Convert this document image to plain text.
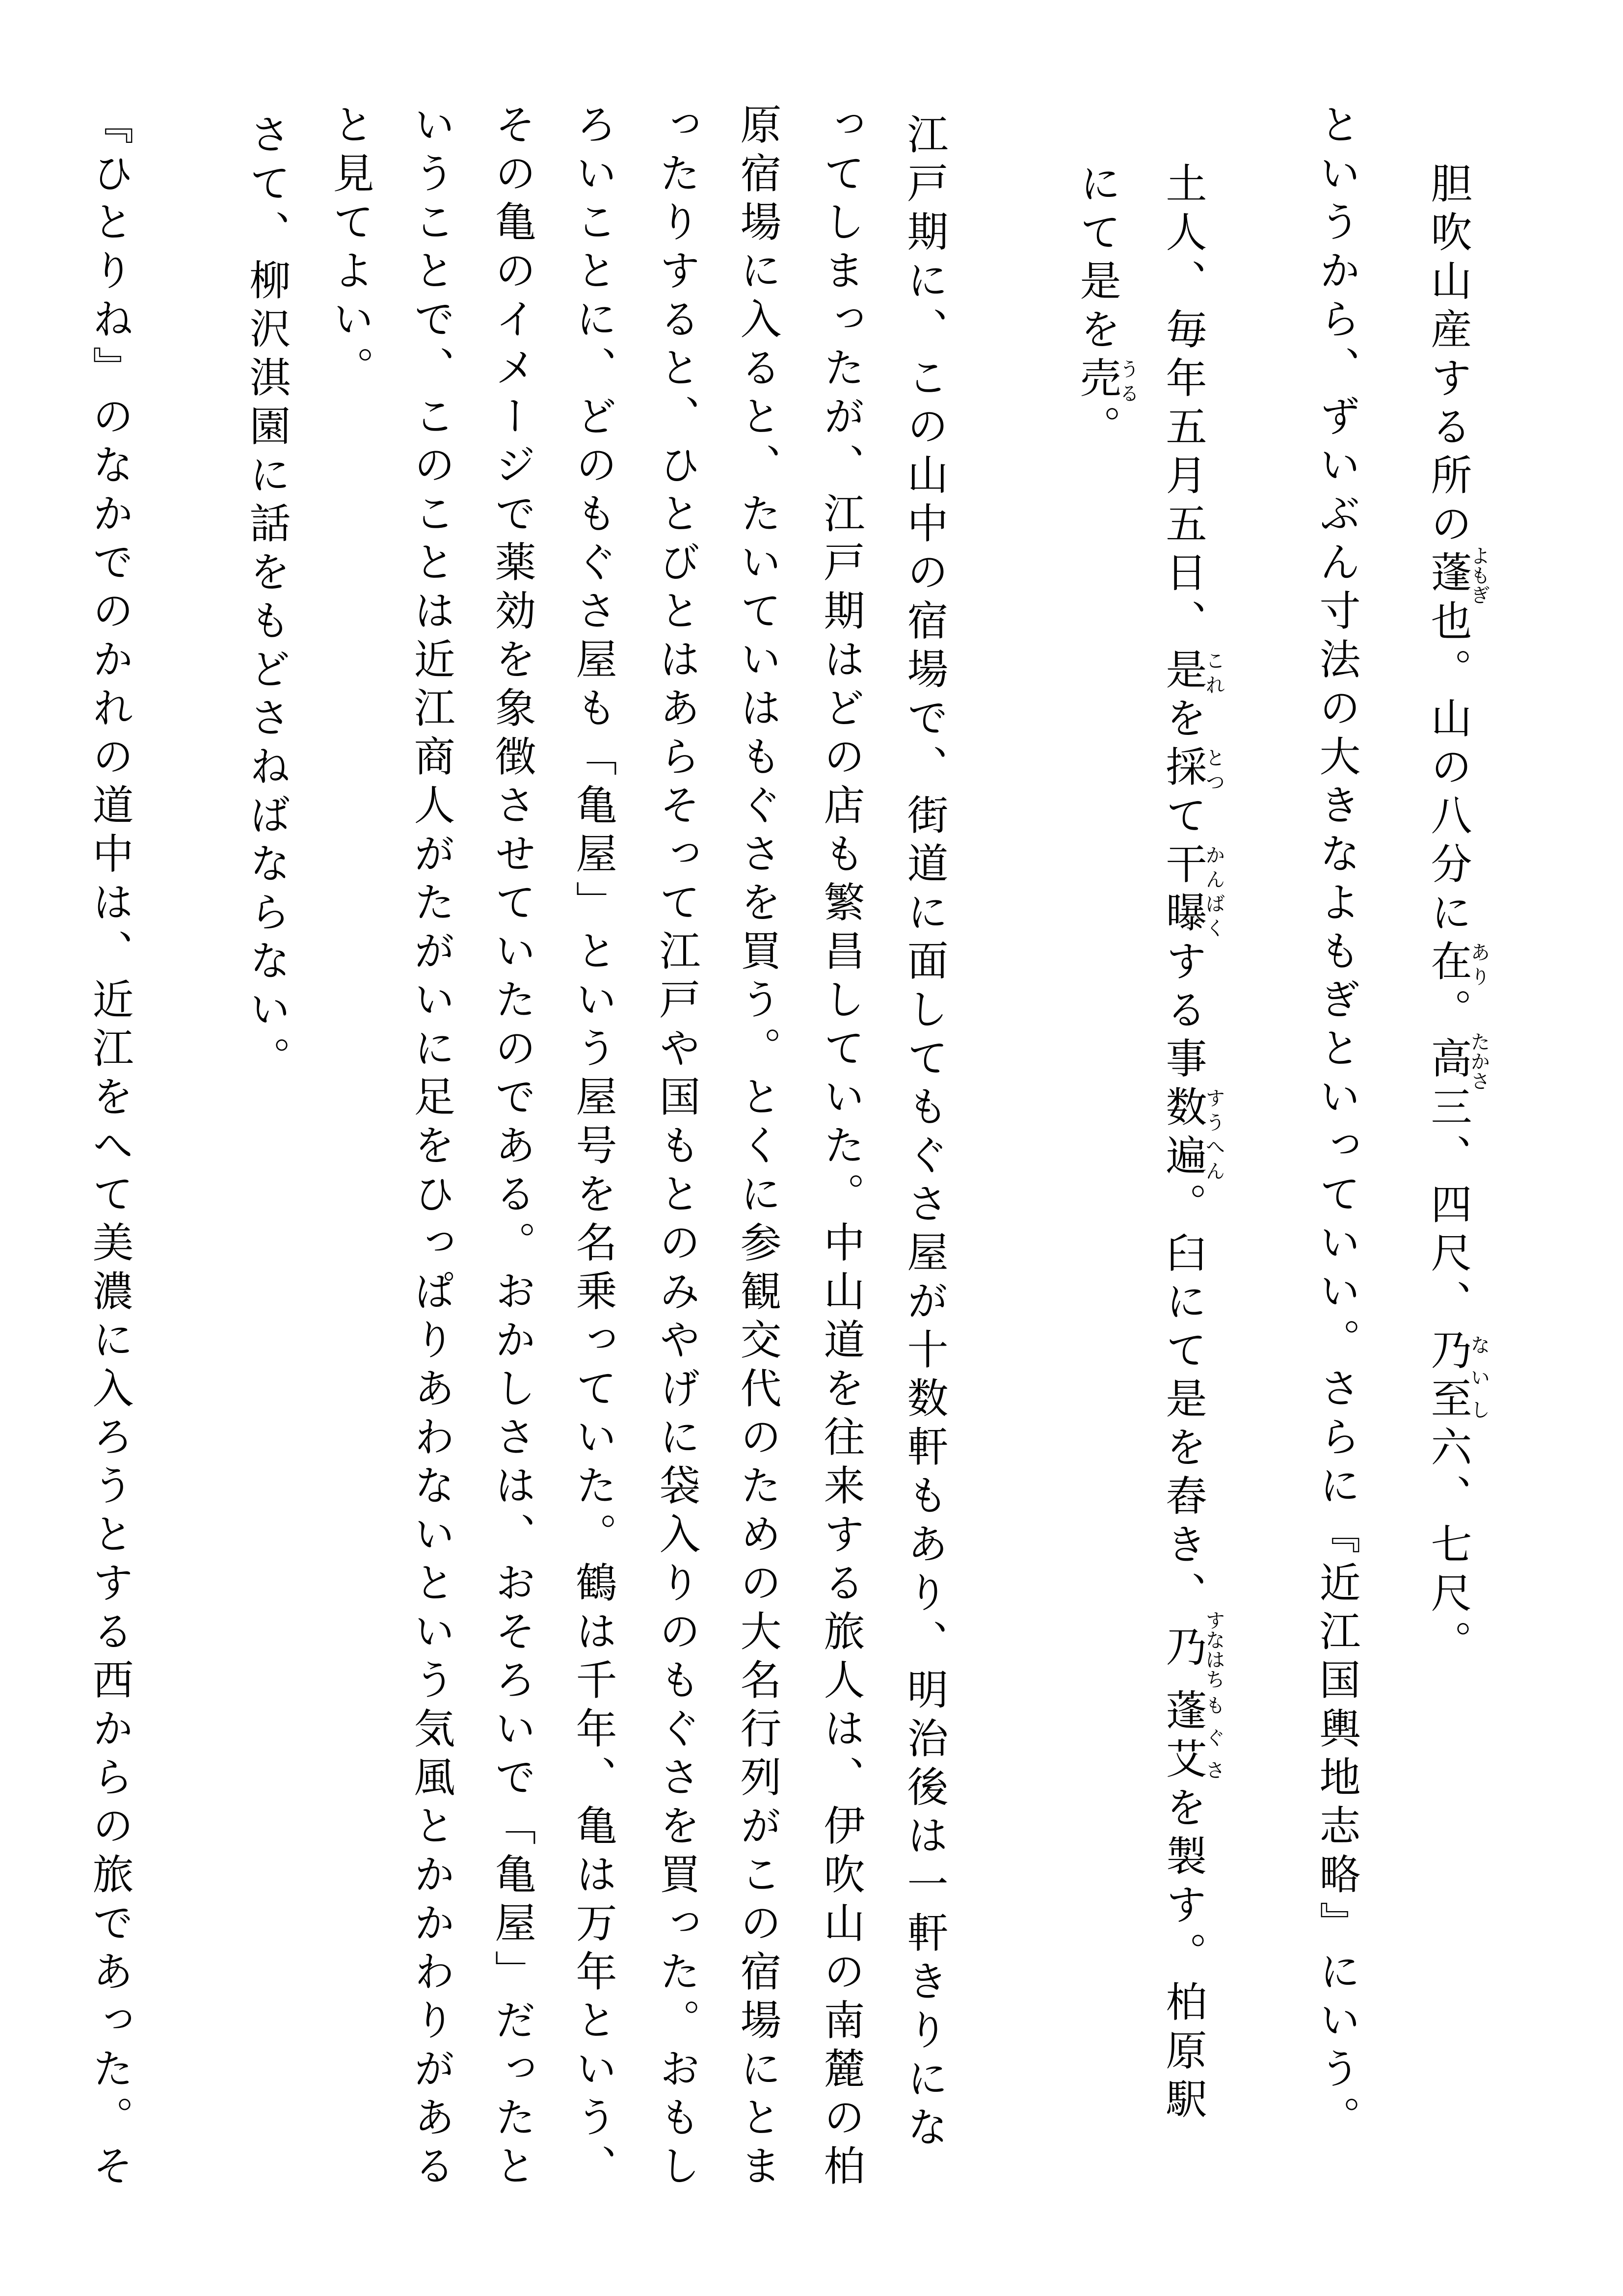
胆吹山産する所の蓬よもぎ也。山の八分に在あり。高たかさ三、四尺、乃至ないし六、七尺。
というから、ずいぶん寸法の大きなよもぎといっていい。さらに『近江国輿地志略』にいう。
土人、毎年五月五日、是これを採とつて干曝かんばくする事数遍すうへん。臼にて是を舂き、乃すなはち蓬艾もぐさを製す。柏原駅
にて是を売うる。
江戸期に、この山中の宿場で、街道に面してもぐさ屋が十数軒もあり、明治後は一軒きりにな
ってしまったが、江戸期はどの店も繁昌していた。中山道を往来する旅人は、伊吹山の南麓の柏
原宿場に入ると、たいていはもぐさを買う。とくに参観交代のための大名行列がこの宿場にとま
ったりすると、ひとびとはあらそって江戸や国もとのみやげに袋入りのもぐさを買った。おもし
ろいことに、どのもぐさ屋も「亀屋」という屋号を名乗っていた。鶴は千年、亀は万年という、
その亀のイメージで薬効を象徴させていたのである。おかしさは、おそろいで「亀屋」だったと
いうことで、このことは近江商人がたがいに足をひっぱりあわないという気風とかかわりがある
と見てよい。
さて、柳沢淇園に話をもどさねばならない。
『ひとりね』のなかでのかれの道中は、近江をへて美濃に入ろうとする西からの旅であった。そ
